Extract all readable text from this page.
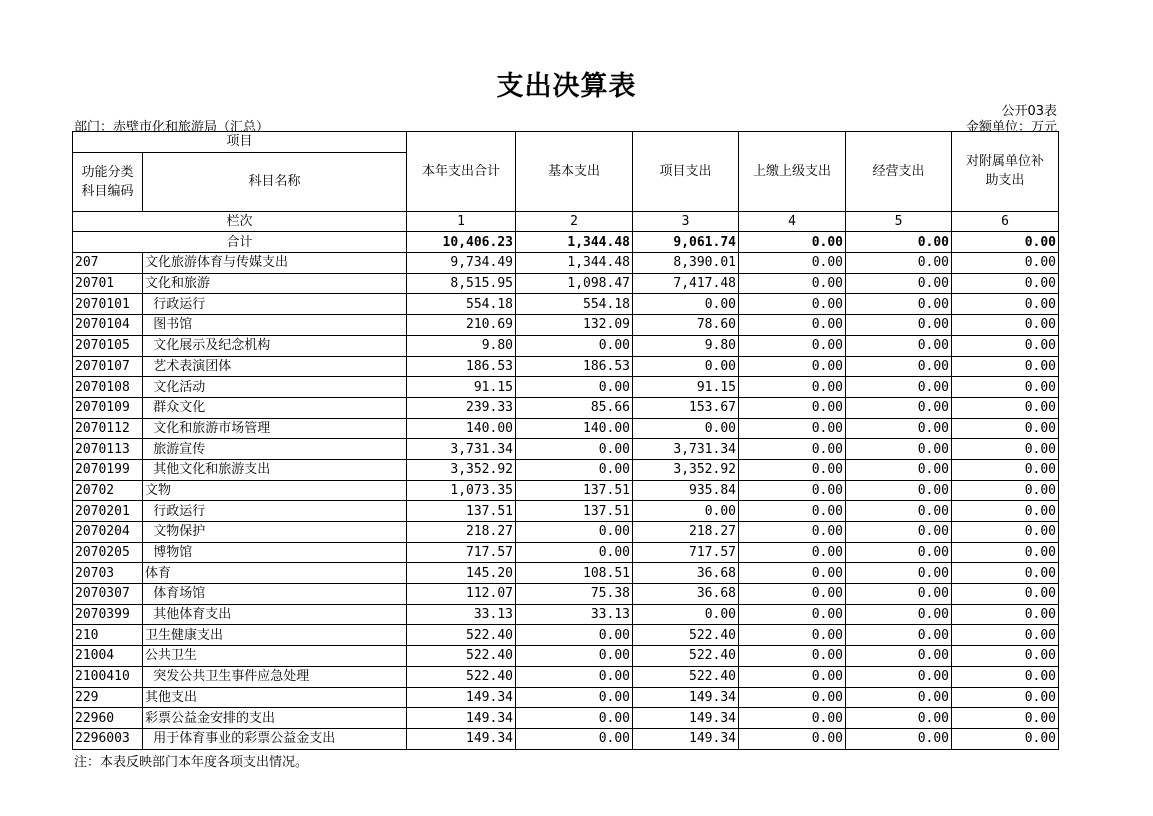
支出决算表
公开03表
部门：赤壁市化和旅游局（汇总）	金额单位：万元
项目		本年支出合计	基本支出	项目支出	上缴上级支出	经营支出	对附属单位补
助支出
功能分类
科目编码	科目名称						
栏次		1	2	3	4	5	6
合计		10,406.23	1,344.48	9,061.74	0.00	0.00	0.00
207	文化旅游体育与传媒支出	9,734.49	1,344.48	8,390.01	0.00	0.00	0.00
20701	文化和旅游	8,515.95	1,098.47	7,417.48	0.00	0.00	0.00
2070101	行政运行	554.18	554.18	0.00	0.00	0.00	0.00
2070104	图书馆	210.69	132.09	78.60	0.00	0.00	0.00
2070105	文化展示及纪念机构	9.80	0.00	9.80	0.00	0.00	0.00
2070107	艺术表演团体	186.53	186.53	0.00	0.00	0.00	0.00
2070108	文化活动	91.15	0.00	91.15	0.00	0.00	0.00
2070109	群众文化	239.33	85.66	153.67	0.00	0.00	0.00
2070112	文化和旅游市场管理	140.00	140.00	0.00	0.00	0.00	0.00
2070113	旅游宣传	3,731.34	0.00	3,731.34	0.00	0.00	0.00
2070199	其他文化和旅游支出	3,352.92	0.00	3,352.92	0.00	0.00	0.00
20702	文物	1,073.35	137.51	935.84	0.00	0.00	0.00
2070201	行政运行	137.51	137.51	0.00	0.00	0.00	0.00
2070204	文物保护	218.27	0.00	218.27	0.00	0.00	0.00
2070205	博物馆	717.57	0.00	717.57	0.00	0.00	0.00
20703	体育	145.20	108.51	36.68	0.00	0.00	0.00
2070307	体育场馆	112.07	75.38	36.68	0.00	0.00	0.00
2070399	其他体育支出	33.13	33.13	0.00	0.00	0.00	0.00
210	卫生健康支出	522.40	0.00	522.40	0.00	0.00	0.00
21004	公共卫生	522.40	0.00	522.40	0.00	0.00	0.00
2100410	突发公共卫生事件应急处理	522.40	0.00	522.40	0.00	0.00	0.00
229	其他支出	149.34	0.00	149.34	0.00	0.00	0.00
22960	彩票公益金安排的支出	149.34	0.00	149.34	0.00	0.00	0.00
2296003	用于体育事业的彩票公益金支出	149.34	0.00	149.34	0.00	0.00	0.00
注：本表反映部门本年度各项支出情况。
